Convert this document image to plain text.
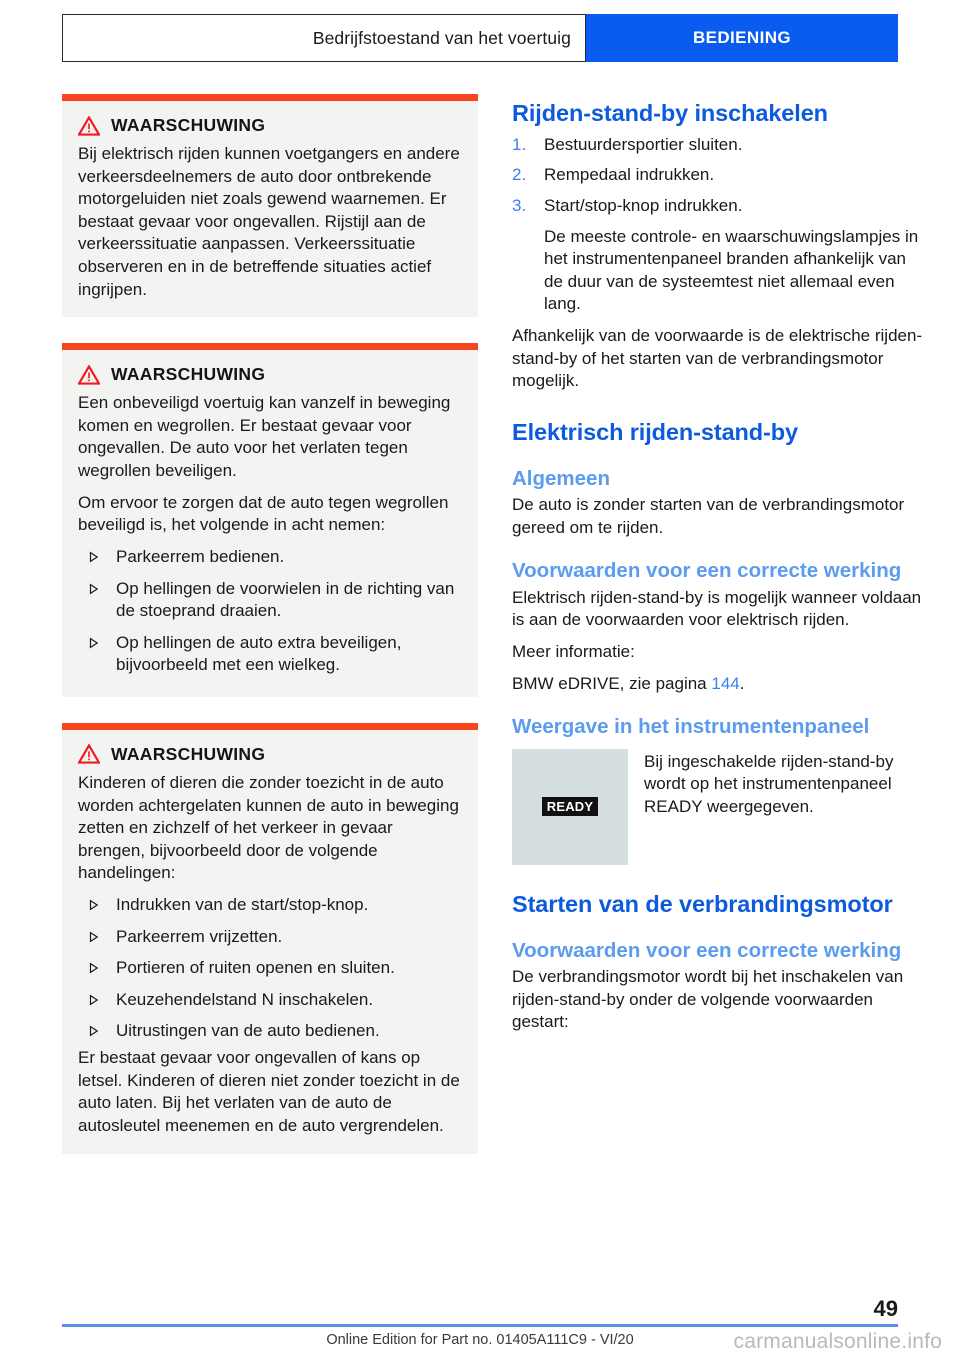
Bedrijfstoestand van het voertuig	BEDIENING
WAARSCHUWING

Bij elektrisch rijden kunnen voetgangers en andere verkeersdeelnemers de auto door ontbrekende motorgeluiden niet zoals gewend waarnemen. Er bestaat gevaar voor ongevallen. Rijstijl aan de verkeerssituatie aanpassen. Verkeerssituatie observeren en in de betreffende situaties actief ingrijpen.

WAARSCHUWING

Een onbeveiligd voertuig kan vanzelf in beweging komen en wegrollen. Er bestaat gevaar voor ongevallen. De auto voor het verlaten tegen wegrollen beveiligen.

Om ervoor te zorgen dat de auto tegen wegrollen beveiligd is, het volgende in acht nemen:

Parkeerrem bedienen.
Op hellingen de voorwielen in de richting van de stoeprand draaien.
Op hellingen de auto extra beveiligen, bijvoorbeeld met een wielkeg.
WAARSCHUWING

Kinderen of dieren die zonder toezicht in de auto worden achtergelaten kunnen de auto in beweging zetten en zichzelf of het verkeer in gevaar brengen, bijvoorbeeld door de volgende handelingen:

Indrukken van de start/stop-knop.
Parkeerrem vrijzetten.
Portieren of ruiten openen en sluiten.
Keuzehendelstand N inschakelen.
Uitrustingen van de auto bedienen.

Er bestaat gevaar voor ongevallen of kans op letsel. Kinderen of dieren niet zonder toezicht in de auto laten. Bij het verlaten van de auto de autosleutel meenemen en de auto vergrendelen.

Rijden-stand-by inschakelen
1. Bestuurdersportier sluiten.
2. Rempedaal indrukken.
3. Start/stop-knop indrukken.

De meeste controle- en waarschuwingslampjes in het instrumentenpaneel branden afhankelijk van de duur van de systeemtest niet allemaal even lang.

Afhankelijk van de voorwaarde is de elektrische rijden-stand-by of het starten van de verbrandingsmotor mogelijk.

Elektrisch rijden-stand-by
Algemeen

De auto is zonder starten van de verbrandingsmotor gereed om te rijden.

Voorwaarden voor een correcte werking

Elektrisch rijden-stand-by is mogelijk wanneer voldaan is aan de voorwaarden voor elektrisch rijden.

Meer informatie:

BMW eDRIVE, zie pagina 144.

Weergave in het instrumentenpaneel
READY
Bij ingeschakelde rijden-stand-by wordt op het instrumentenpaneel READY weergegeven.
Starten van de verbrandingsmotor
Voorwaarden voor een correcte werking

De verbrandingsmotor wordt bij het inschakelen van rijden-stand-by onder de volgende voorwaarden gestart:

49
Online Edition for Part no. 01405A111C9 - VI/20	carmanualsonline.info
